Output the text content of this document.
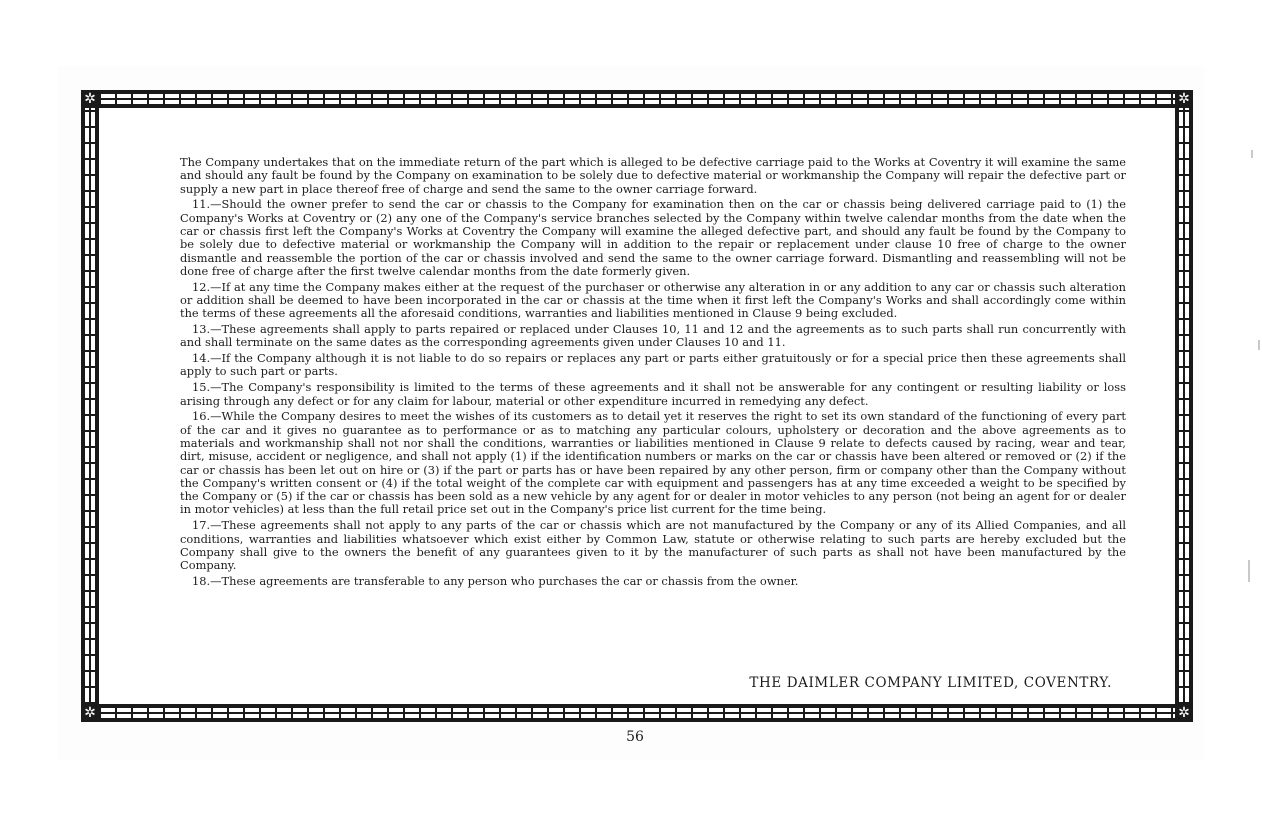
✲	✲
✲	✲

The Company undertakes that on the immediate return of the part which is alleged to be defective carriage paid to the Works at Coventry it will examine the same and should any fault be found by the Company on examination to be solely due to defective material or workmanship the Company will repair the defective part or supply a new part in place thereof free of charge and send the same to the owner carriage forward.

11.—Should the owner prefer to send the car or chassis to the Company for examination then on the car or chassis being delivered carriage paid to (1) the Company's Works at Coventry or (2) any one of the Company's service branches selected by the Company within twelve calendar months from the date when the car or chassis first left the Company's Works at Coventry the Company will examine the alleged defective part, and should any fault be found by the Company to be solely due to defective material or workmanship the Company will in addition to the repair or replacement under clause 10 free of charge to the owner dismantle and reassemble the portion of the car or chassis involved and send the same to the owner carriage forward. Dismantling and reassembling will not be done free of charge after the first twelve calendar months from the date formerly given.

12.—If at any time the Company makes either at the request of the purchaser or otherwise any alteration in or any addition to any car or chassis such alteration or addition shall be deemed to have been incorporated in the car or chassis at the time when it first left the Company's Works and shall accordingly come within the terms of these agreements all the aforesaid conditions, warranties and liabilities mentioned in Clause 9 being excluded.

13.—These agreements shall apply to parts repaired or replaced under Clauses 10, 11 and 12 and the agreements as to such parts shall run concurrently with and shall terminate on the same dates as the corresponding agreements given under Clauses 10 and 11.

14.—If the Company although it is not liable to do so repairs or replaces any part or parts either gratuitously or for a special price then these agreements shall apply to such part or parts.

15.—The Company's responsibility is limited to the terms of these agreements and it shall not be answerable for any contingent or resulting liability or loss arising through any defect or for any claim for labour, material or other expenditure incurred in remedying any defect.

16.—While the Company desires to meet the wishes of its customers as to detail yet it reserves the right to set its own standard of the functioning of every part of the car and it gives no guarantee as to performance or as to matching any particular colours, upholstery or decoration and the above agreements as to materials and workmanship shall not nor shall the conditions, warranties or liabilities mentioned in Clause 9 relate to defects caused by racing, wear and tear, dirt, misuse, accident or negligence, and shall not apply (1) if the identification numbers or marks on the car or chassis have been altered or removed or (2) if the car or chassis has been let out on hire or (3) if the part or parts has or have been repaired by any other person, firm or company other than the Company without the Company's written consent or (4) if the total weight of the complete car with equipment and passengers has at any time exceeded a weight to be specified by the Company or (5) if the car or chassis has been sold as a new vehicle by any agent for or dealer in motor vehicles to any person (not being an agent for or dealer in motor vehicles) at less than the full retail price set out in the Company's price list current for the time being.

17.—These agreements shall not apply to any parts of the car or chassis which are not manufactured by the Company or any of its Allied Companies, and all conditions, warranties and liabilities whatsoever which exist either by Common Law, statute or otherwise relating to such parts are hereby excluded but the Company shall give to the owners the benefit of any guarantees given to it by the manufacturer of such parts as shall not have been manufactured by the Company.

18.—These agreements are transferable to any person who purchases the car or chassis from the owner.

THE DAIMLER COMPANY LIMITED, COVENTRY.
56
